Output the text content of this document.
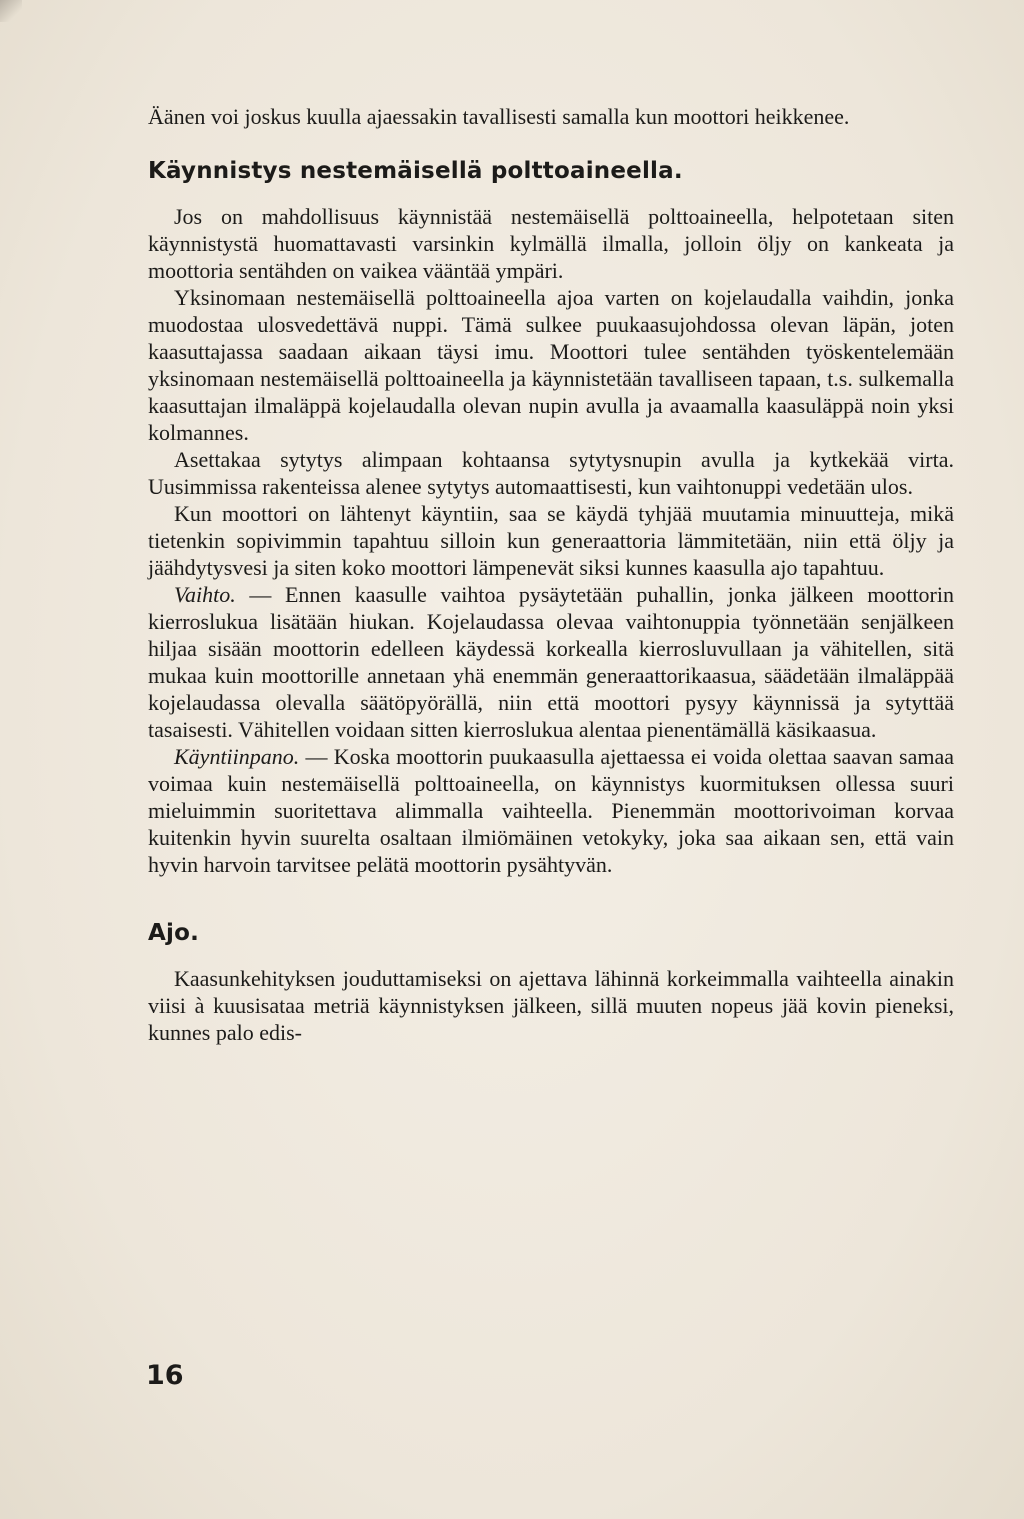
Äänen voi joskus kuulla ajaessakin tavallisesti samalla kun moottori heikkenee.

Käynnistys nestemäisellä polttoaineella.

Jos on mahdollisuus käynnistää nestemäisellä polttoaineella, helpotetaan siten käynnistystä huomattavasti varsinkin kylmällä ilmalla, jolloin öljy on kankeata ja moottoria sentähden on vaikea vääntää ympäri.

Yksinomaan nestemäisellä polttoaineella ajoa varten on kojelaudalla vaihdin, jonka muodostaa ulosvedettävä nuppi. Tämä sulkee puukaasujohdossa olevan läpän, joten kaasuttajassa saadaan aikaan täysi imu. Moottori tulee sentähden työskentelemään yksinomaan nestemäisellä polttoaineella ja käynnistetään tavalliseen tapaan, t.s. sulkemalla kaasuttajan ilmaläppä kojelaudalla olevan nupin avulla ja avaamalla kaasuläppä noin yksi kolmannes.

Asettakaa sytytys alimpaan kohtaansa sytytysnupin avulla ja kytkekää virta. Uusimmissa rakenteissa alenee sytytys automaattisesti, kun vaihtonuppi vedetään ulos.

Kun moottori on lähtenyt käyntiin, saa se käydä tyhjää muutamia minuutteja, mikä tietenkin sopivimmin tapahtuu silloin kun generaattoria lämmitetään, niin että öljy ja jäähdytysvesi ja siten koko moottori lämpenevät siksi kunnes kaasulla ajo tapahtuu.

Vaihto. — Ennen kaasulle vaihtoa pysäytetään puhallin, jonka jälkeen moottorin kierroslukua lisätään hiukan. Kojelaudassa olevaa vaihtonuppia työnnetään senjälkeen hiljaa sisään moottorin edelleen käydessä korkealla kierrosluvullaan ja vähitellen, sitä mukaa kuin moottorille annetaan yhä enemmän generaattorikaasua, säädetään ilmaläppää kojelaudassa olevalla säätöpyörällä, niin että moottori pysyy käynnissä ja sytyttää tasaisesti. Vähitellen voidaan sitten kierroslukua alentaa pienentämällä käsikaasua.

Käyntiinpano. — Koska moottorin puukaasulla ajettaessa ei voida olettaa saavan samaa voimaa kuin nestemäisellä polttoaineella, on käynnistys kuormituksen ollessa suuri mieluimmin suoritettava alimmalla vaihteella. Pienemmän moottorivoiman korvaa kuitenkin hyvin suurelta osaltaan ilmiömäinen vetokyky, joka saa aikaan sen, että vain hyvin harvoin tarvitsee pelätä moottorin pysähtyvän.

Ajo.

Kaasunkehityksen jouduttamiseksi on ajettava lähinnä korkeimmalla vaihteella ainakin viisi à kuusisataa metriä käynnistyksen jälkeen, sillä muuten nopeus jää kovin pieneksi, kunnes palo edis-

16
